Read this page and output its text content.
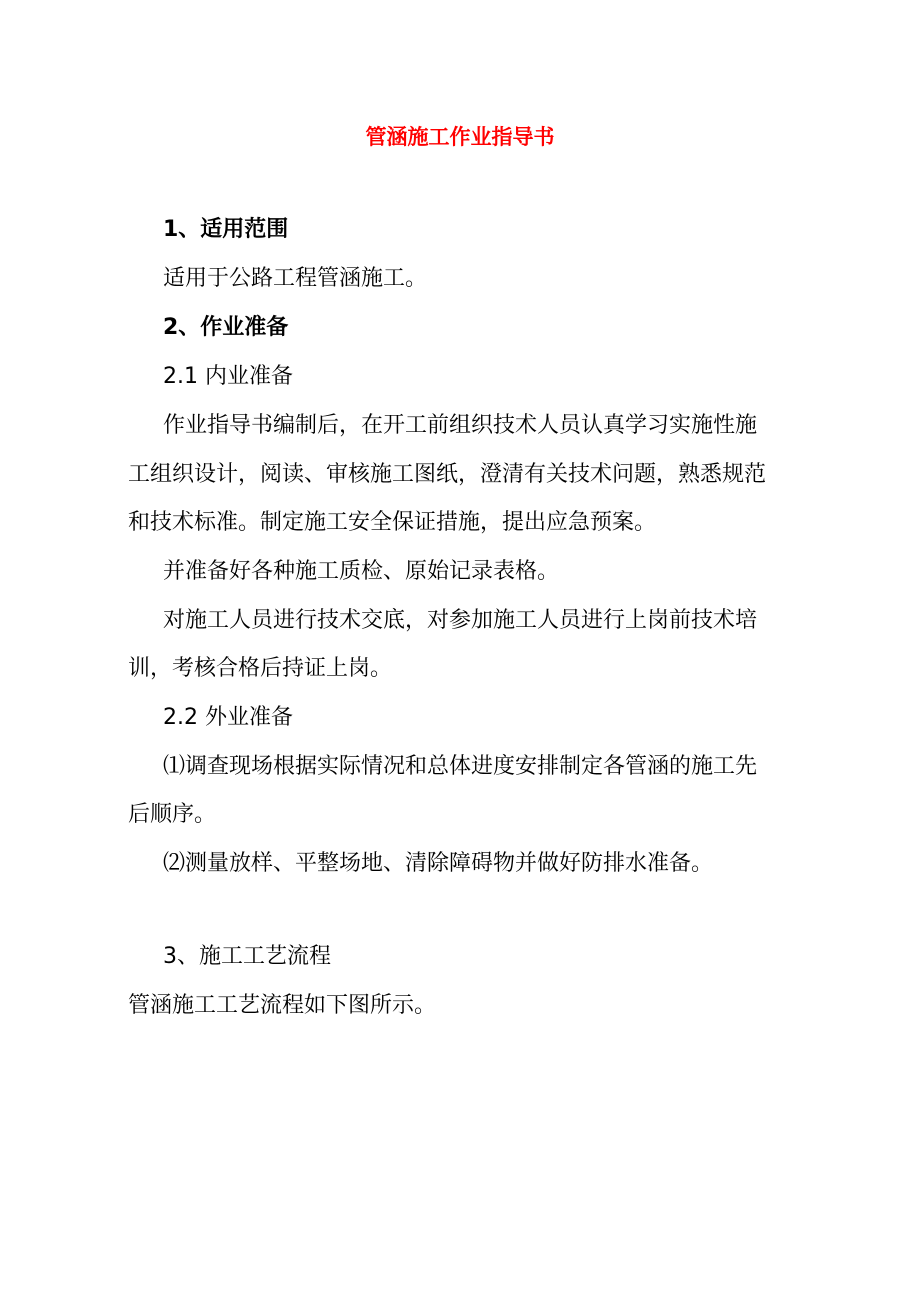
管涵施工作业指导书
1、适用范围
适用于公路工程管涵施工。
2、作业准备
2.1 内业准备
作业指导书编制后，在开工前组织技术人员认真学习实施性施
工组织设计，阅读、审核施工图纸，澄清有关技术问题，熟悉规范
和技术标准。制定施工安全保证措施，提出应急预案。
并准备好各种施工质检、原始记录表格。
对施工人员进行技术交底，对参加施工人员进行上岗前技术培
训，考核合格后持证上岗。
2.2 外业准备
⑴调查现场根据实际情况和总体进度安排制定各管涵的施工先
后顺序。
⑵测量放样、平整场地、清除障碍物并做好防排水准备。
3、施工工艺流程
管涵施工工艺流程如下图所示。
